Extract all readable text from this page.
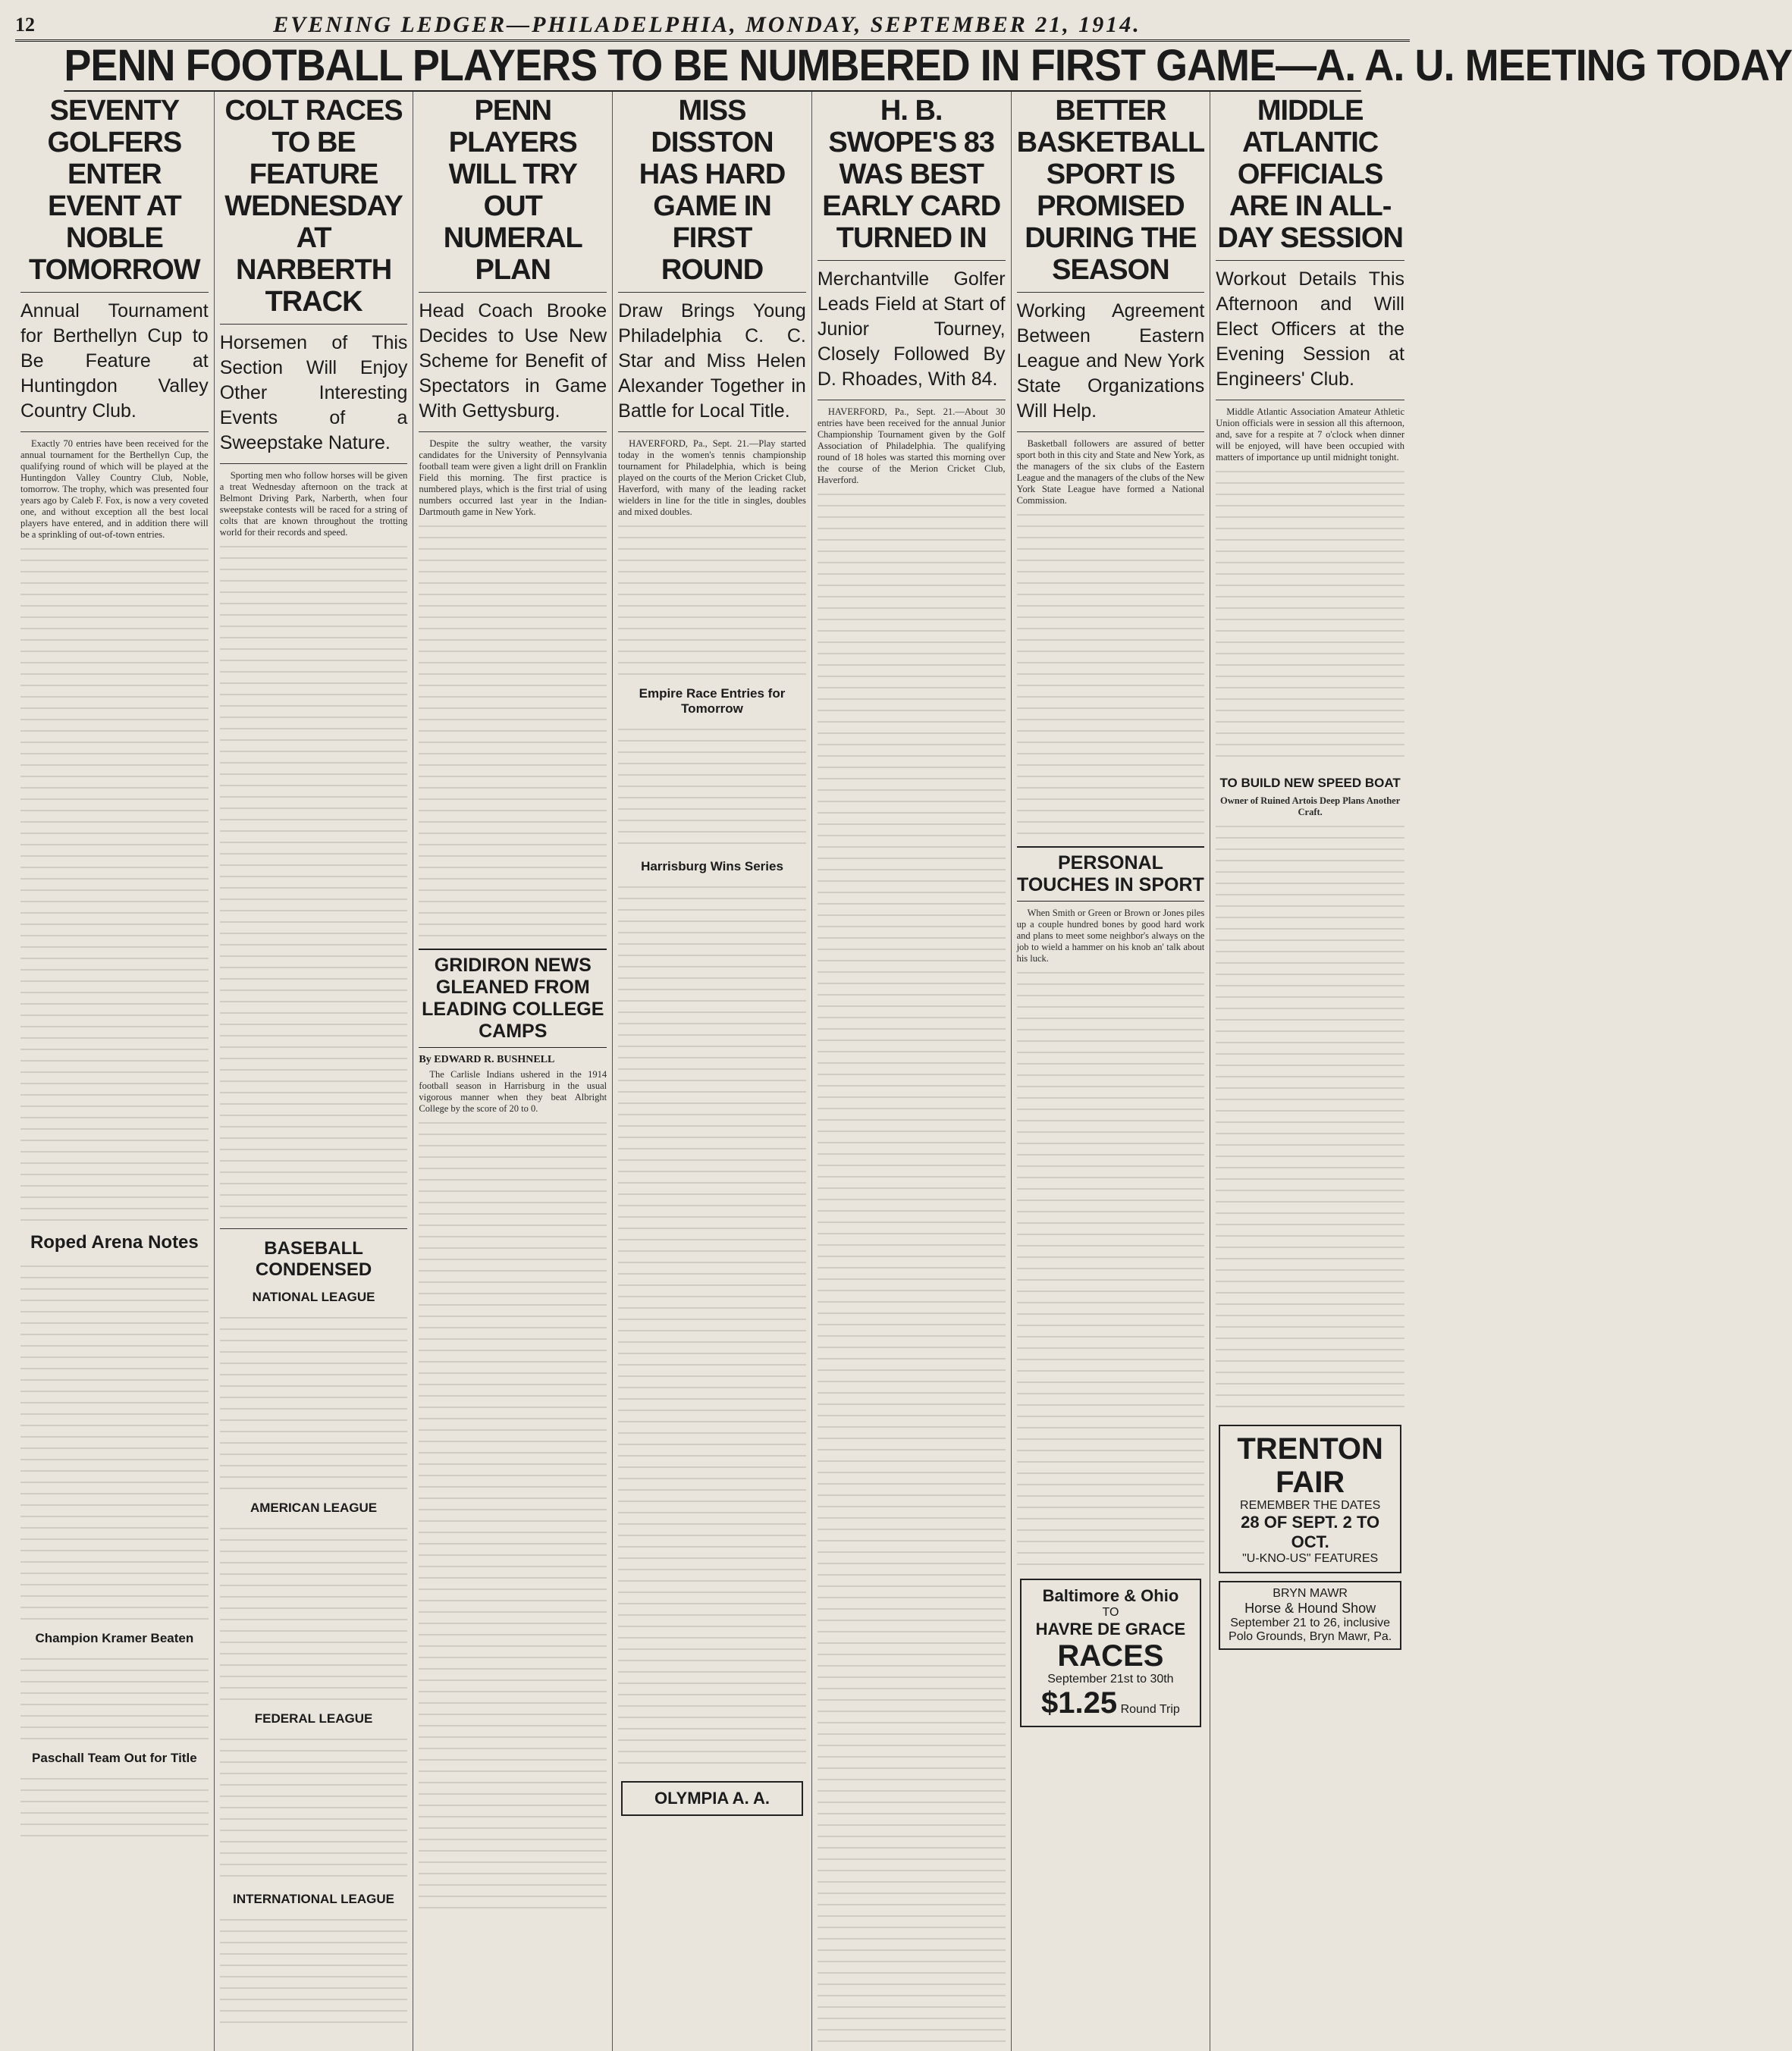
12	EVENING LEDGER—PHILADELPHIA, MONDAY, SEPTEMBER 21, 1914.
PENN FOOTBALL PLAYERS TO BE NUMBERED IN FIRST GAME—A. A. U. MEETING TODAY
SEVENTY GOLFERS ENTER EVENT AT NOBLE TOMORROW
Annual Tournament for Berthellyn Cup to Be Feature at Huntingdon Valley Country Club.
Exactly 70 entries have been received for the annual tournament for the Berthellyn Cup, the qualifying round of which will be played at the Huntingdon Valley Country Club, Noble, tomorrow. The trophy, which was presented four years ago by Caleb F. Fox, is now a very coveted one, and without exception all the best local players have entered, and in addition there will be a sprinkling of out-of-town entries.
Roped Arena Notes
Champion Kramer Beaten
Paschall Team Out for Title
COLT RACES TO BE FEATURE WEDNESDAY AT NARBERTH TRACK
Horsemen of This Section Will Enjoy Other Interesting Events of a Sweepstake Nature.
Sporting men who follow horses will be given a treat Wednesday afternoon on the track at Belmont Driving Park, Narberth, when four sweepstake contests will be raced for a string of colts that are known throughout the trotting world for their records and speed.
BASEBALL CONDENSED
NATIONAL LEAGUE
AMERICAN LEAGUE
FEDERAL LEAGUE
INTERNATIONAL LEAGUE
PENN PLAYERS WILL TRY OUT NUMERAL PLAN
Head Coach Brooke Decides to Use New Scheme for Benefit of Spectators in Game With Gettysburg.
Despite the sultry weather, the varsity candidates for the University of Pennsylvania football team were given a light drill on Franklin Field this morning. The first practice is numbered plays, which is the first trial of using numbers occurred last year in the Indian-Dartmouth game in New York.
GRIDIRON NEWS GLEANED FROM LEADING COLLEGE CAMPS
By EDWARD R. BUSHNELL
The Carlisle Indians ushered in the 1914 football season in Harrisburg in the usual vigorous manner when they beat Albright College by the score of 20 to 0.
MISS DISSTON HAS HARD GAME IN FIRST ROUND
Draw Brings Young Philadelphia C. C. Star and Miss Helen Alexander Together in Battle for Local Title.
HAVERFORD, Pa., Sept. 21.—Play started today in the women's tennis championship tournament for Philadelphia, which is being played on the courts of the Merion Cricket Club, Haverford, with many of the leading racket wielders in line for the title in singles, doubles and mixed doubles.
Empire Race Entries for Tomorrow
Harrisburg Wins Series
OLYMPIA A. A.
H. B. SWOPE'S 83 WAS BEST EARLY CARD TURNED IN
Merchantville Golfer Leads Field at Start of Junior Tourney, Closely Followed By D. Rhoades, With 84.
HAVERFORD, Pa., Sept. 21.—About 30 entries have been received for the annual Junior Championship Tournament given by the Golf Association of Philadelphia. The qualifying round of 18 holes was started this morning over the course of the Merion Cricket Club, Haverford.
BETTER BASKETBALL SPORT IS PROMISED DURING THE SEASON
Working Agreement Between Eastern League and New York State Organizations Will Help.
Basketball followers are assured of better sport both in this city and State and New York, as the managers of the six clubs of the Eastern League and the managers of the clubs of the New York State League have formed a National Commission.
PERSONAL TOUCHES IN SPORT
When Smith or Green or Brown or Jones piles up a couple hundred bones by good hard work and plans to meet some neighbor's always on the job to wield a hammer on his knob an' talk about his luck.
Baltimore & Ohio
TO
HAVRE DE GRACE
RACES
September 21st to 30th
$1.25 Round Trip
MIDDLE ATLANTIC OFFICIALS ARE IN ALL-DAY SESSION
Workout Details This Afternoon and Will Elect Officers at the Evening Session at Engineers' Club.
Middle Atlantic Association Amateur Athletic Union officials were in session all this afternoon, and, save for a respite at 7 o'clock when dinner will be enjoyed, will have been occupied with matters of importance up until midnight tonight.
TO BUILD NEW SPEED BOAT
Owner of Ruined Artois Deep Plans Another Craft.
TRENTON FAIR
REMEMBER THE DATES
28 OF SEPT. 2 TO OCT.
"U-KNO-US" FEATURES
BRYN MAWR
Horse & Hound Show
September 21 to 26, inclusive
Polo Grounds, Bryn Mawr, Pa.
